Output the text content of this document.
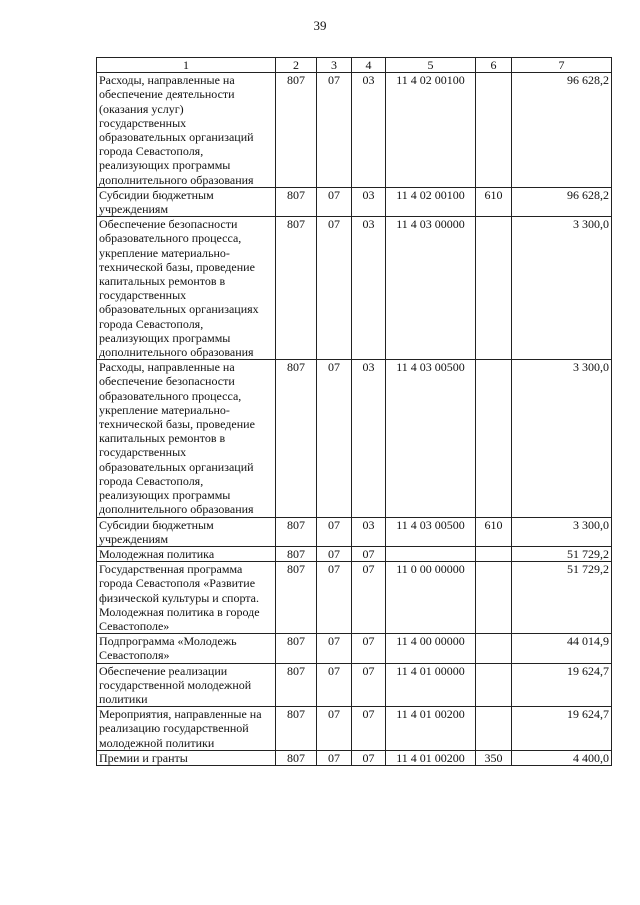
39
1	2	3	4	5	6	7
Расходы, направленные на обеспечение деятельности (оказания услуг) государственных образовательных организаций города Севастополя, реализующих программы дополнительного образования	807	07	03	11 4 02 00100		96 628,2
Субсидии бюджетным учреждениям	807	07	03	11 4 02 00100	610	96 628,2
Обеспечение безопасности образовательного процесса, укрепление материально-технической базы, проведение капитальных ремонтов в государственных образовательных организациях города Севастополя, реализующих программы дополнительного образования	807	07	03	11 4 03 00000		3 300,0
Расходы, направленные на обеспечение безопасности образовательного процесса, укрепление материально-технической базы, проведение капитальных ремонтов в государственных образовательных организаций города Севастополя, реализующих программы дополнительного образования	807	07	03	11 4 03 00500		3 300,0
Субсидии бюджетным учреждениям	807	07	03	11 4 03 00500	610	3 300,0
Молодежная политика	807	07	07			51 729,2
Государственная программа города Севастополя «Развитие физической культуры и спорта. Молодежная политика в городе Севастополе»	807	07	07	11 0 00 00000		51 729,2
Подпрограмма «Молодежь Севастополя»	807	07	07	11 4 00 00000		44 014,9
Обеспечение реализации государственной молодежной политики	807	07	07	11 4 01 00000		19 624,7
Мероприятия, направленные на реализацию государственной молодежной политики	807	07	07	11 4 01 00200		19 624,7
Премии и гранты	807	07	07	11 4 01 00200	350	4 400,0
